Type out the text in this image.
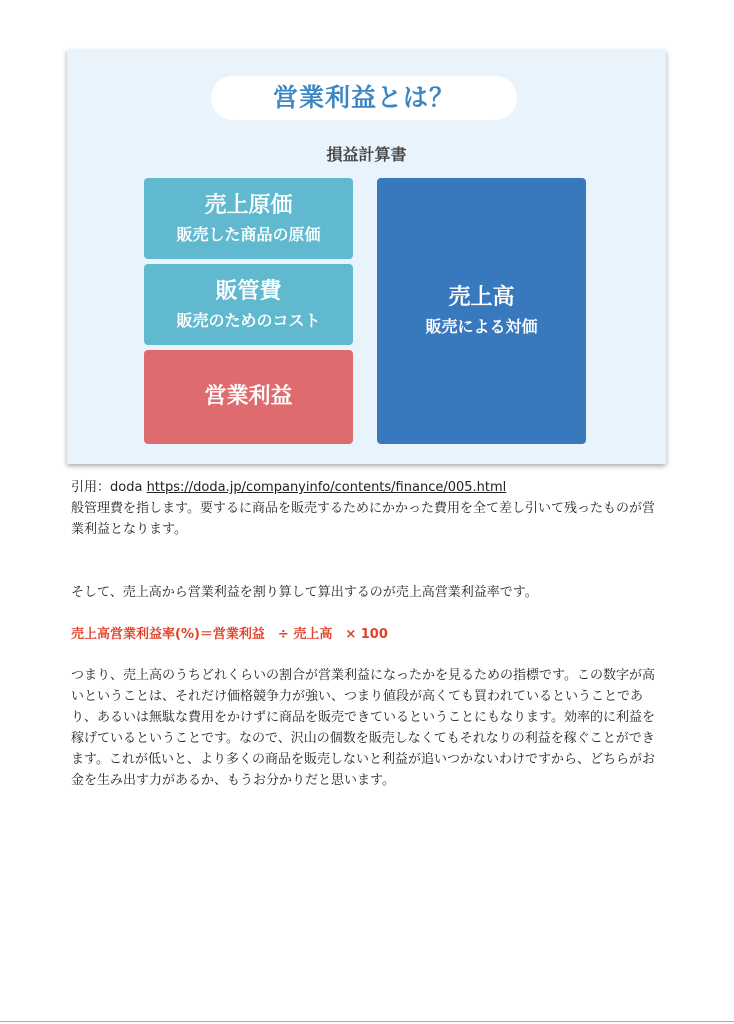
営業利益とは？
損益計算書
売上原価
販売した商品の原価
販管費
販売のためのコスト
営業利益
売上高
販売による対価
引用：doda https://doda.jp/companyinfo/contents/finance/005.html

般管理費を指します。要するに商品を販売するためにかかった費用を全て差し引いて残ったものが営業利益となります。

そして、売上高から営業利益を割り算して算出するのが売上高営業利益率です。

売上高営業利益率(%)＝営業利益　÷ 売上高　× 100

つまり、売上高のうちどれくらいの割合が営業利益になったかを見るための指標です。この数字が高いということは、それだけ価格競争力が強い、つまり値段が高くても買われているということであり、あるいは無駄な費用をかけずに商品を販売できているということにもなります。効率的に利益を稼げているということです。なので、沢山の個数を販売しなくてもそれなりの利益を稼ぐことができます。これが低いと、より多くの商品を販売しないと利益が追いつかないわけですから、どちらがお金を生み出す力があるか、もうお分かりだと思います。
